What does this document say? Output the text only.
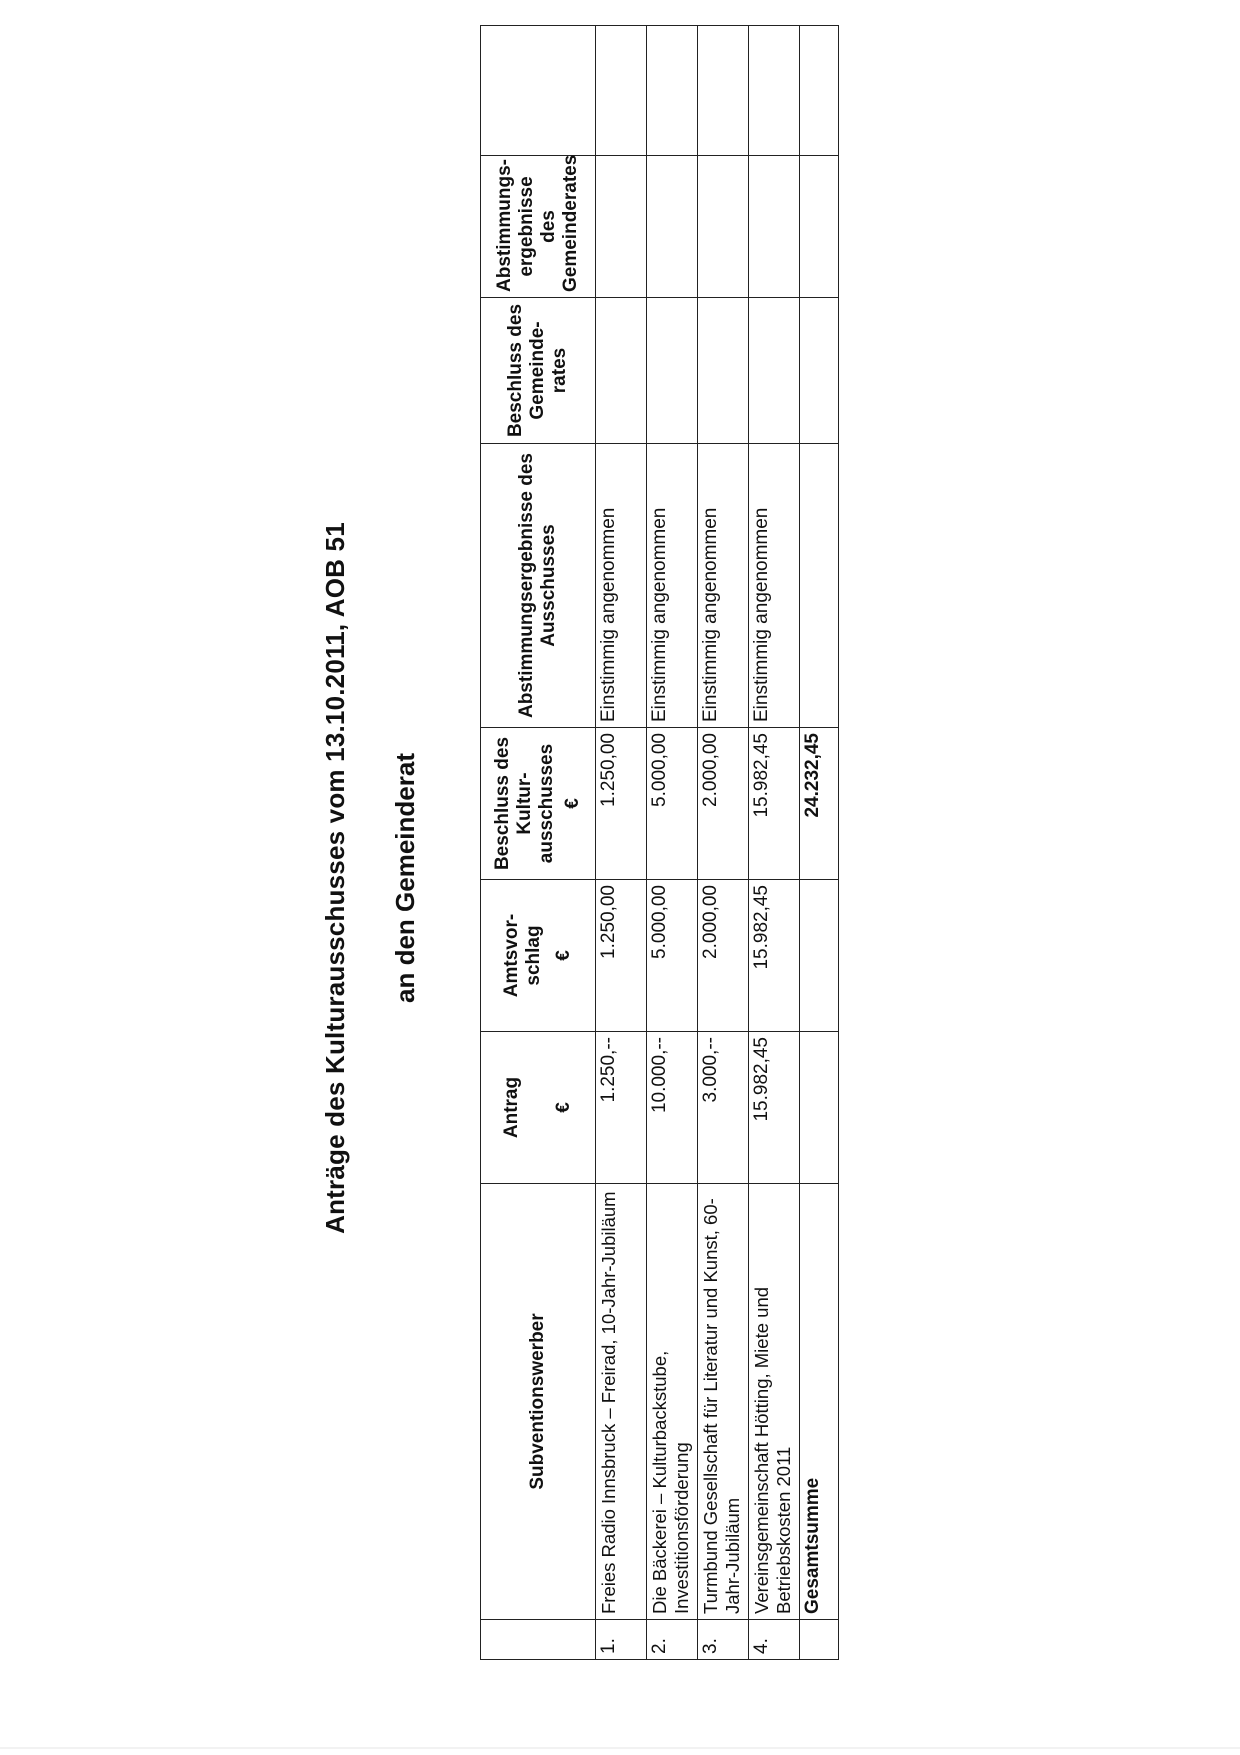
Anträge des Kulturausschusses vom 13.10.2011, AOB 51 an den Gemeinderat
	Subventionswerber	Antrag €	Amtsvor-schlag €	Beschluss des Kultur-ausschusses €	Abstimmungsergebnisse des Ausschusses	Beschluss des Gemeinde-rates	Abstimmungs-ergebnisse des Gemeinderates	
1.	Freies Radio Innsbruck – Freirad, 10-Jahr-Jubiläum	1.250,--	1.250,00	1.250,00	Einstimmig angenommen			
2.	Die Bäckerei – Kulturbackstube, Investitionsförderung	10.000,--	5.000,00	5.000,00	Einstimmig angenommen			
3.	Turmbund Gesellschaft für Literatur und Kunst, 60-Jahr-Jubiläum	3.000,--	2.000,00	2.000,00	Einstimmig angenommen			
4.	Vereinsgemeinschaft Hötting, Miete und Betriebskosten 2011	15.982,45	15.982,45	15.982,45	Einstimmig angenommen			
	Gesamtsumme			24.232,45				
